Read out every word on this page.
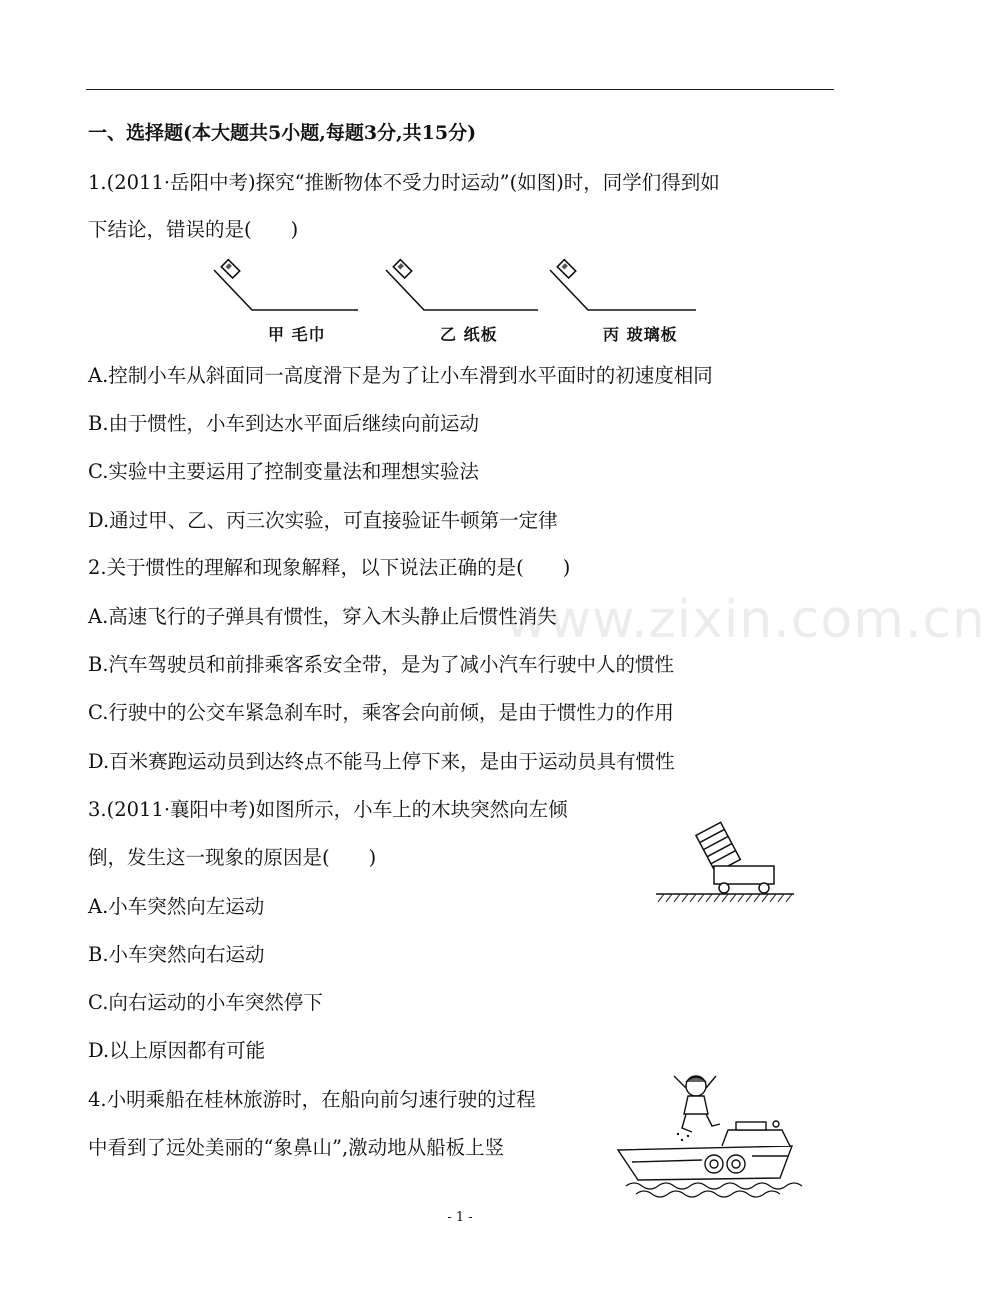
一、选择题(本大题共5小题,每题3分,共15分)
1.(2011·岳阳中考)探究“推断物体不受力时运动”(如图)时，同学们得到如
下结论，错误的是(　　)
甲 毛巾	乙 纸板	丙 玻璃板
A.控制小车从斜面同一高度滑下是为了让小车滑到水平面时的初速度相同
B.由于惯性，小车到达水平面后继续向前运动
C.实验中主要运用了控制变量法和理想实验法
D.通过甲、乙、丙三次实验，可直接验证牛顿第一定律
2.关于惯性的理解和现象解释，以下说法正确的是(　　)
A.高速飞行的子弹具有惯性，穿入木头静止后惯性消失
B.汽车驾驶员和前排乘客系安全带，是为了减小汽车行驶中人的惯性
C.行驶中的公交车紧急刹车时，乘客会向前倾，是由于惯性力的作用
D.百米赛跑运动员到达终点不能马上停下来，是由于运动员具有惯性
www.zixin.com.cn
3.(2011·襄阳中考)如图所示，小车上的木块突然向左倾
倒，发生这一现象的原因是(　　)
A.小车突然向左运动
B.小车突然向右运动
C.向右运动的小车突然停下
D.以上原因都有可能
4.小明乘船在桂林旅游时，在船向前匀速行驶的过程
中看到了远处美丽的“象鼻山”,激动地从船板上竖
- 1 -
